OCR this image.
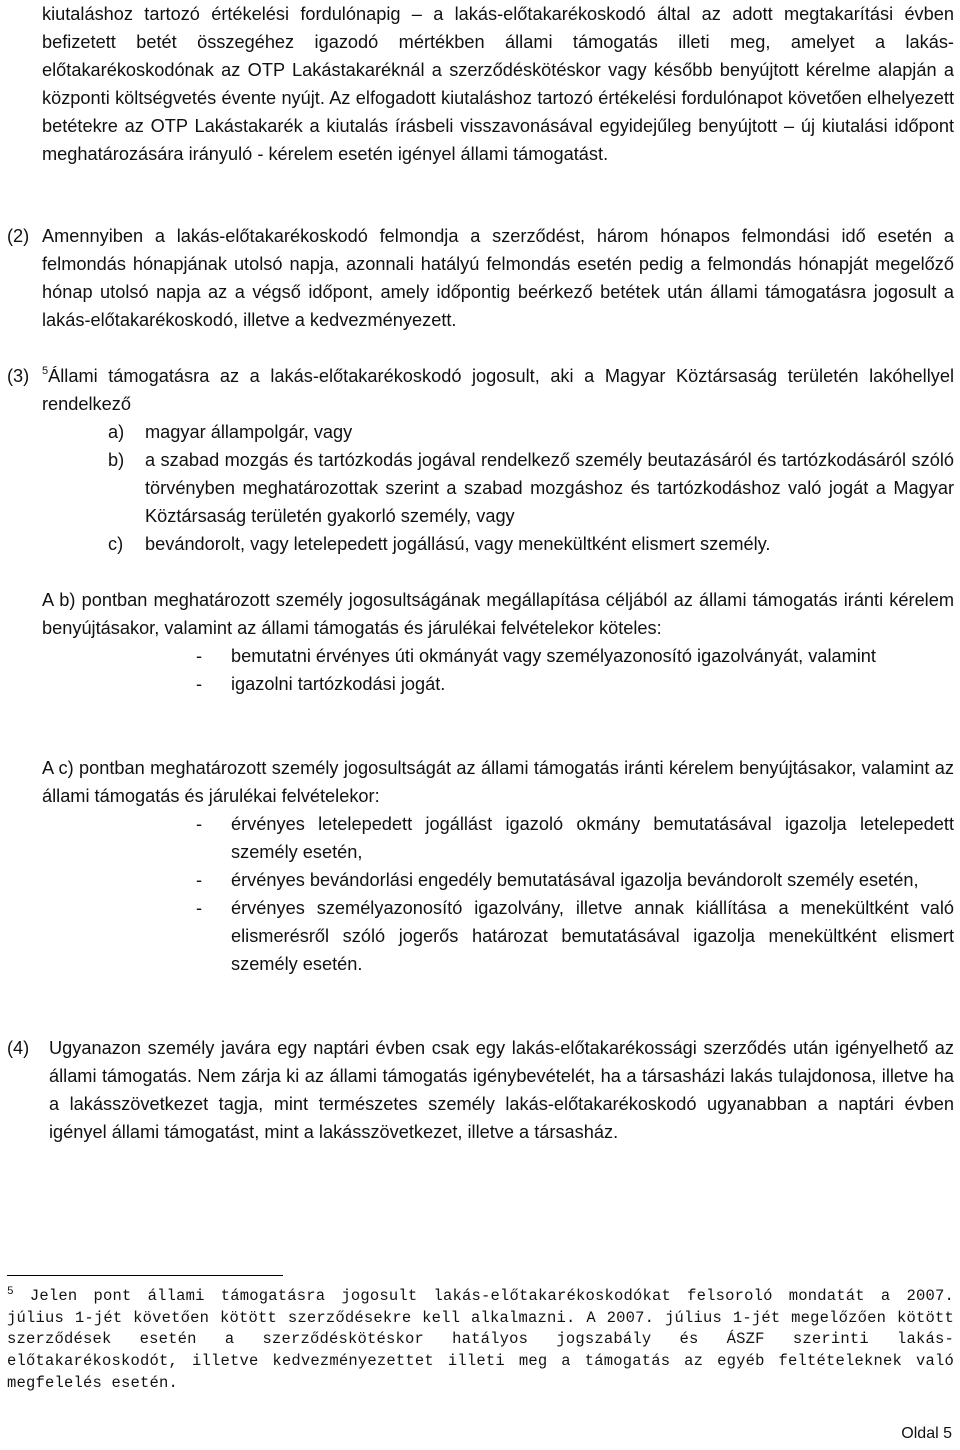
kiutaláshoz tartozó értékelési fordulónapig – a lakás-előtakarékoskodó által az adott megtakarítási évben befizetett betét összegéhez igazodó mértékben állami támogatás illeti meg, amelyet a lakás-előtakarékoskodónak az OTP Lakástakaréknál a szerződéskötéskor vagy később benyújtott kérelme alapján a központi költségvetés évente nyújt. Az elfogadott kiutaláshoz tartozó értékelési fordulónapot követően elhelyezett betétekre az OTP Lakástakarék a kiutalás írásbeli visszavonásával egyidejűleg benyújtott – új kiutalási időpont meghatározására irányuló - kérelem esetén igényel állami támogatást.
(2) Amennyiben a lakás-előtakarékoskodó felmondja a szerződést, három hónapos felmondási idő esetén a felmondás hónapjának utolsó napja, azonnali hatályú felmondás esetén pedig a felmondás hónapját megelőző hónap utolsó napja az a végső időpont, amely időpontig beérkező betétek után állami támogatásra jogosult a lakás-előtakarékoskodó, illetve a kedvezményezett.
(3) $^5$Állami támogatásra az a lakás-előtakarékoskodó jogosult, aki a Magyar Köztársaság területén lakóhellyel rendelkező
a) magyar állampolgár, vagy
b) a szabad mozgás és tartózkodás jogával rendelkező személy beutazásáról és tartózkodásáról szóló törvényben meghatározottak szerint a szabad mozgáshoz és tartózkodáshoz való jogát a Magyar Köztársaság területén gyakorló személy, vagy
c) bevándorolt, vagy letelepedett jogállású, vagy menekültként elismert személy.
A b) pontban meghatározott személy jogosultságának megállapítása céljából az állami támogatás iránti kérelem benyújtásakor, valamint az állami támogatás és járulékai felvételekor köteles:
- bemutatni érvényes úti okmányát vagy személyazonosító igazolványát, valamint
- igazolni tartózkodási jogát.
A c) pontban meghatározott személy jogosultságát az állami támogatás iránti kérelem benyújtásakor, valamint az állami támogatás és járulékai felvételekor:
- érvényes letelepedett jogállást igazoló okmány bemutatásával igazolja letelepedett személy esetén,
- érvényes bevándorlási engedély bemutatásával igazolja bevándorolt személy esetén,
- érvényes személyazonosító igazolvány, illetve annak kiállítása a menekültként való elismerésről szóló jogerős határozat bemutatásával igazolja menekültként elismert személy esetén.
(4) Ugyanazon személy javára egy naptári évben csak egy lakás-előtakarékossági szerződés után igényelhető az állami támogatás. Nem zárja ki az állami támogatás igénybevételét, ha a társasházi lakás tulajdonosa, illetve ha a lakásszövetkezet tagja, mint természetes személy lakás-előtakarékoskodó ugyanabban a naptári évben igényel állami támogatást, mint a lakásszövetkezet, illetve a társasház.
$^5$ Jelen pont állami támogatásra jogosult lakás-előtakarékoskodókat felsoroló mondatát a 2007. július 1-jét követően kötött szerződésekre kell alkalmazni. A 2007. július 1-jét megelőzően kötött szerződések esetén a szerződéskötéskor hatályos jogszabály és ÁSZF szerinti lakás-előtakarékoskodót, illetve kedvezményezettet illeti meg a támogatás az egyéb feltételeknek való megfelelés esetén.
Oldal 5
